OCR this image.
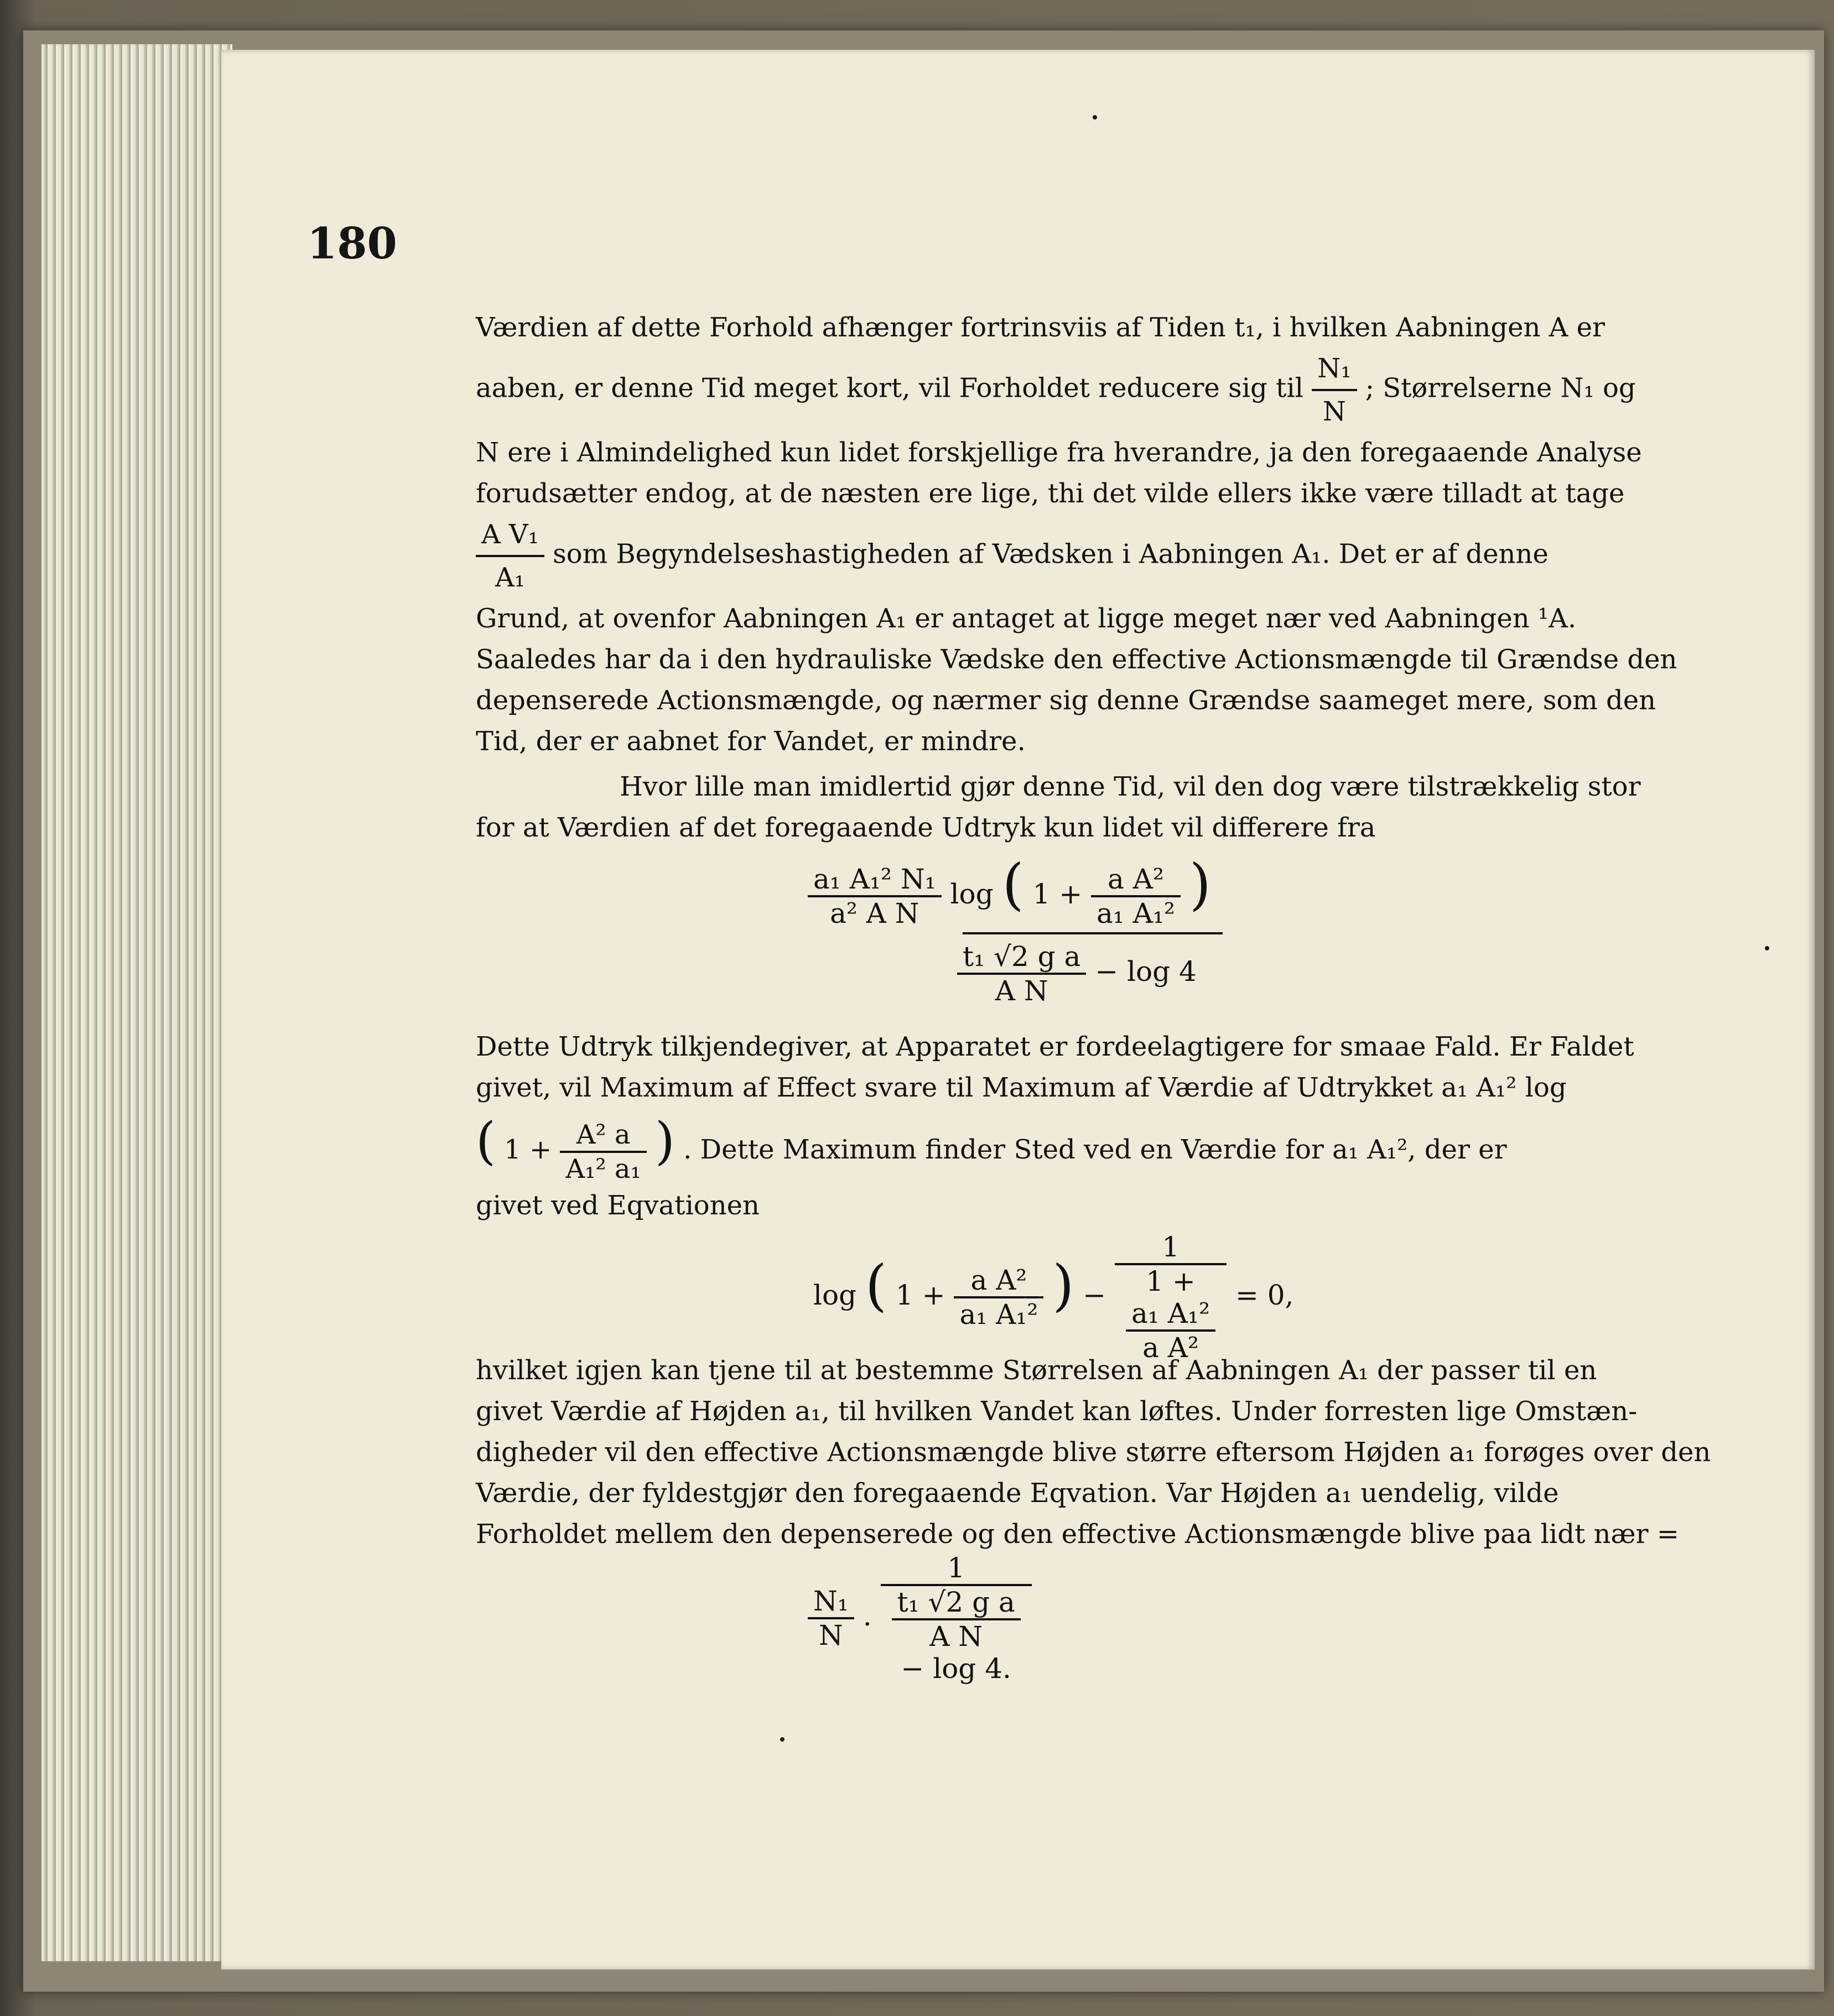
180
Værdien af dette Forhold afhænger fortrinsviis af Tiden t₁, i hvilken Aabningen A er
aaben, er denne Tid meget kort, vil Forholdet reducere sig til $\frac{\text{N₁}}{N}$ ; Størrelserne N₁ og
N ere i Almindelighed kun lidet forskjellige fra hverandre, ja den foregaaende Analyse
forudsætter endog, at de næsten ere lige, thi det vilde ellers ikke være tilladt at tage
$\frac{\text{A V₁}}{\text{A₁}}$ som Begyndelseshastigheden af Vædsken i Aabningen A₁. Det er af denne
Grund, at ovenfor Aabningen A₁ er antaget at ligge meget nær ved Aabningen ¹A.
Saaledes har da i den hydrauliske Vædske den effective Actionsmængde til Grændse den
depenserede Actionsmængde, og nærmer sig denne Grændse saameget mere, som den
Tid, der er aabnet for Vandet, er mindre.
Hvor lille man imidlertid gjør denne Tid, vil den dog være tilstrækkelig stor
for at Værdien af det foregaaende Udtryk kun lidet vil differere fra
$\frac{\text{a₁ A₁² N₁}}{\text{a² A N}}$ log ( $1 + \frac{\text{a A²}}{\text{a₁ A₁²}}$ )
$\frac{\text{t₁ √2 g a}}{\text{A N}} - \log 4$
Dette Udtryk tilkjendegiver, at Apparatet er fordeelagtigere for smaae Fald. Er Faldet
givet, vil Maximum af Effect svare til Maximum af Værdie af Udtrykket a₁ A₁² log
( $1 + \frac{\text{A² a}}{\text{A₁² a₁}}$ ) . Dette Maximum finder Sted ved en Værdie for a₁ A₁², der er
givet ved Eqvationen
log ( $1 + \frac{\text{a A²}}{\text{a₁ A₁²}}$ ) − 1
1 +
a₁ A₁²
a A² = 0,
hvilket igjen kan tjene til at bestemme Størrelsen af Aabningen A₁ der passer til en
givet Værdie af Højden a₁, til hvilken Vandet kan løftes. Under forresten lige Omstæn-
digheder vil den effective Actionsmængde blive større eftersom Højden a₁ forøges over den
Værdie, der fyldestgjør den foregaaende Eqvation. Var Højden a₁ uendelig, vilde
Forholdet mellem den depenserede og den effective Actionsmængde blive paa lidt nær =
$\frac{\text{N₁}}{N}$ . 1
t₁ √2 g a
A N
− log 4.
